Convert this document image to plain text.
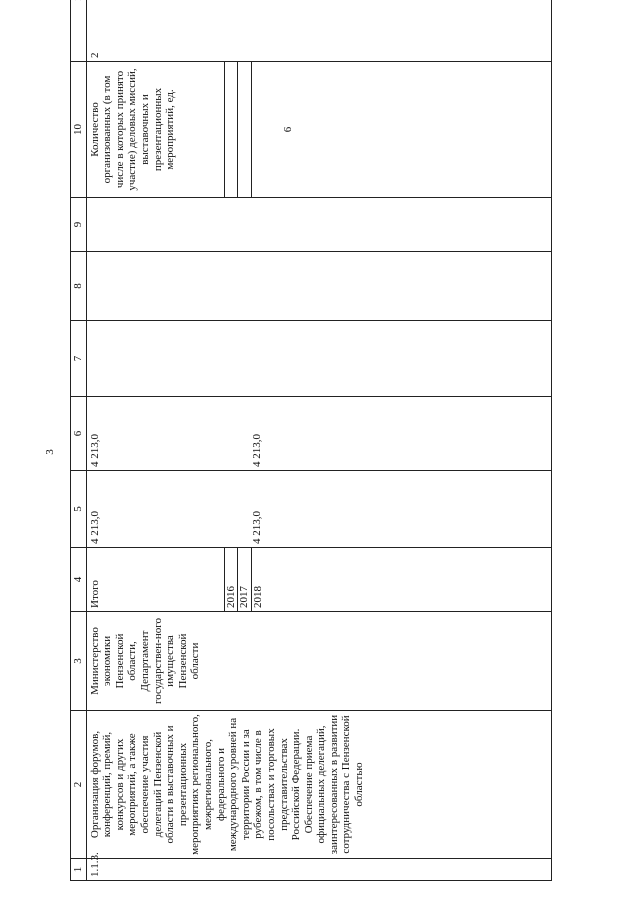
3
1	2	3	4	5	6	7	8	9	10	
1.1.3.	Организация форумов, конференций, премий, конкурсов и других мероприятий, а также обеспечение участия делегаций Пензенской области в выставочных и презентационных мероприятиях регионального, межрегионального, федерального и международного уровней на территории России и за рубежом, в том числе в посольствах и торговых представительствах Российской Федерации. Обеспечение приема официальных делегаций, заинтересованных в развитии сотрудничества с Пензенской областью	Министерство экономики Пензенской области, Департамент государствен-ного имущества Пензенской области	Итого	4 213,0	4 213,0				Количество организованных (в том числе в которых принято участие) деловых миссий, выставочных и презентационных мероприятий, ед.	2
			2016							
			2017							
			2018	4 213,0	4 213,0				6	
